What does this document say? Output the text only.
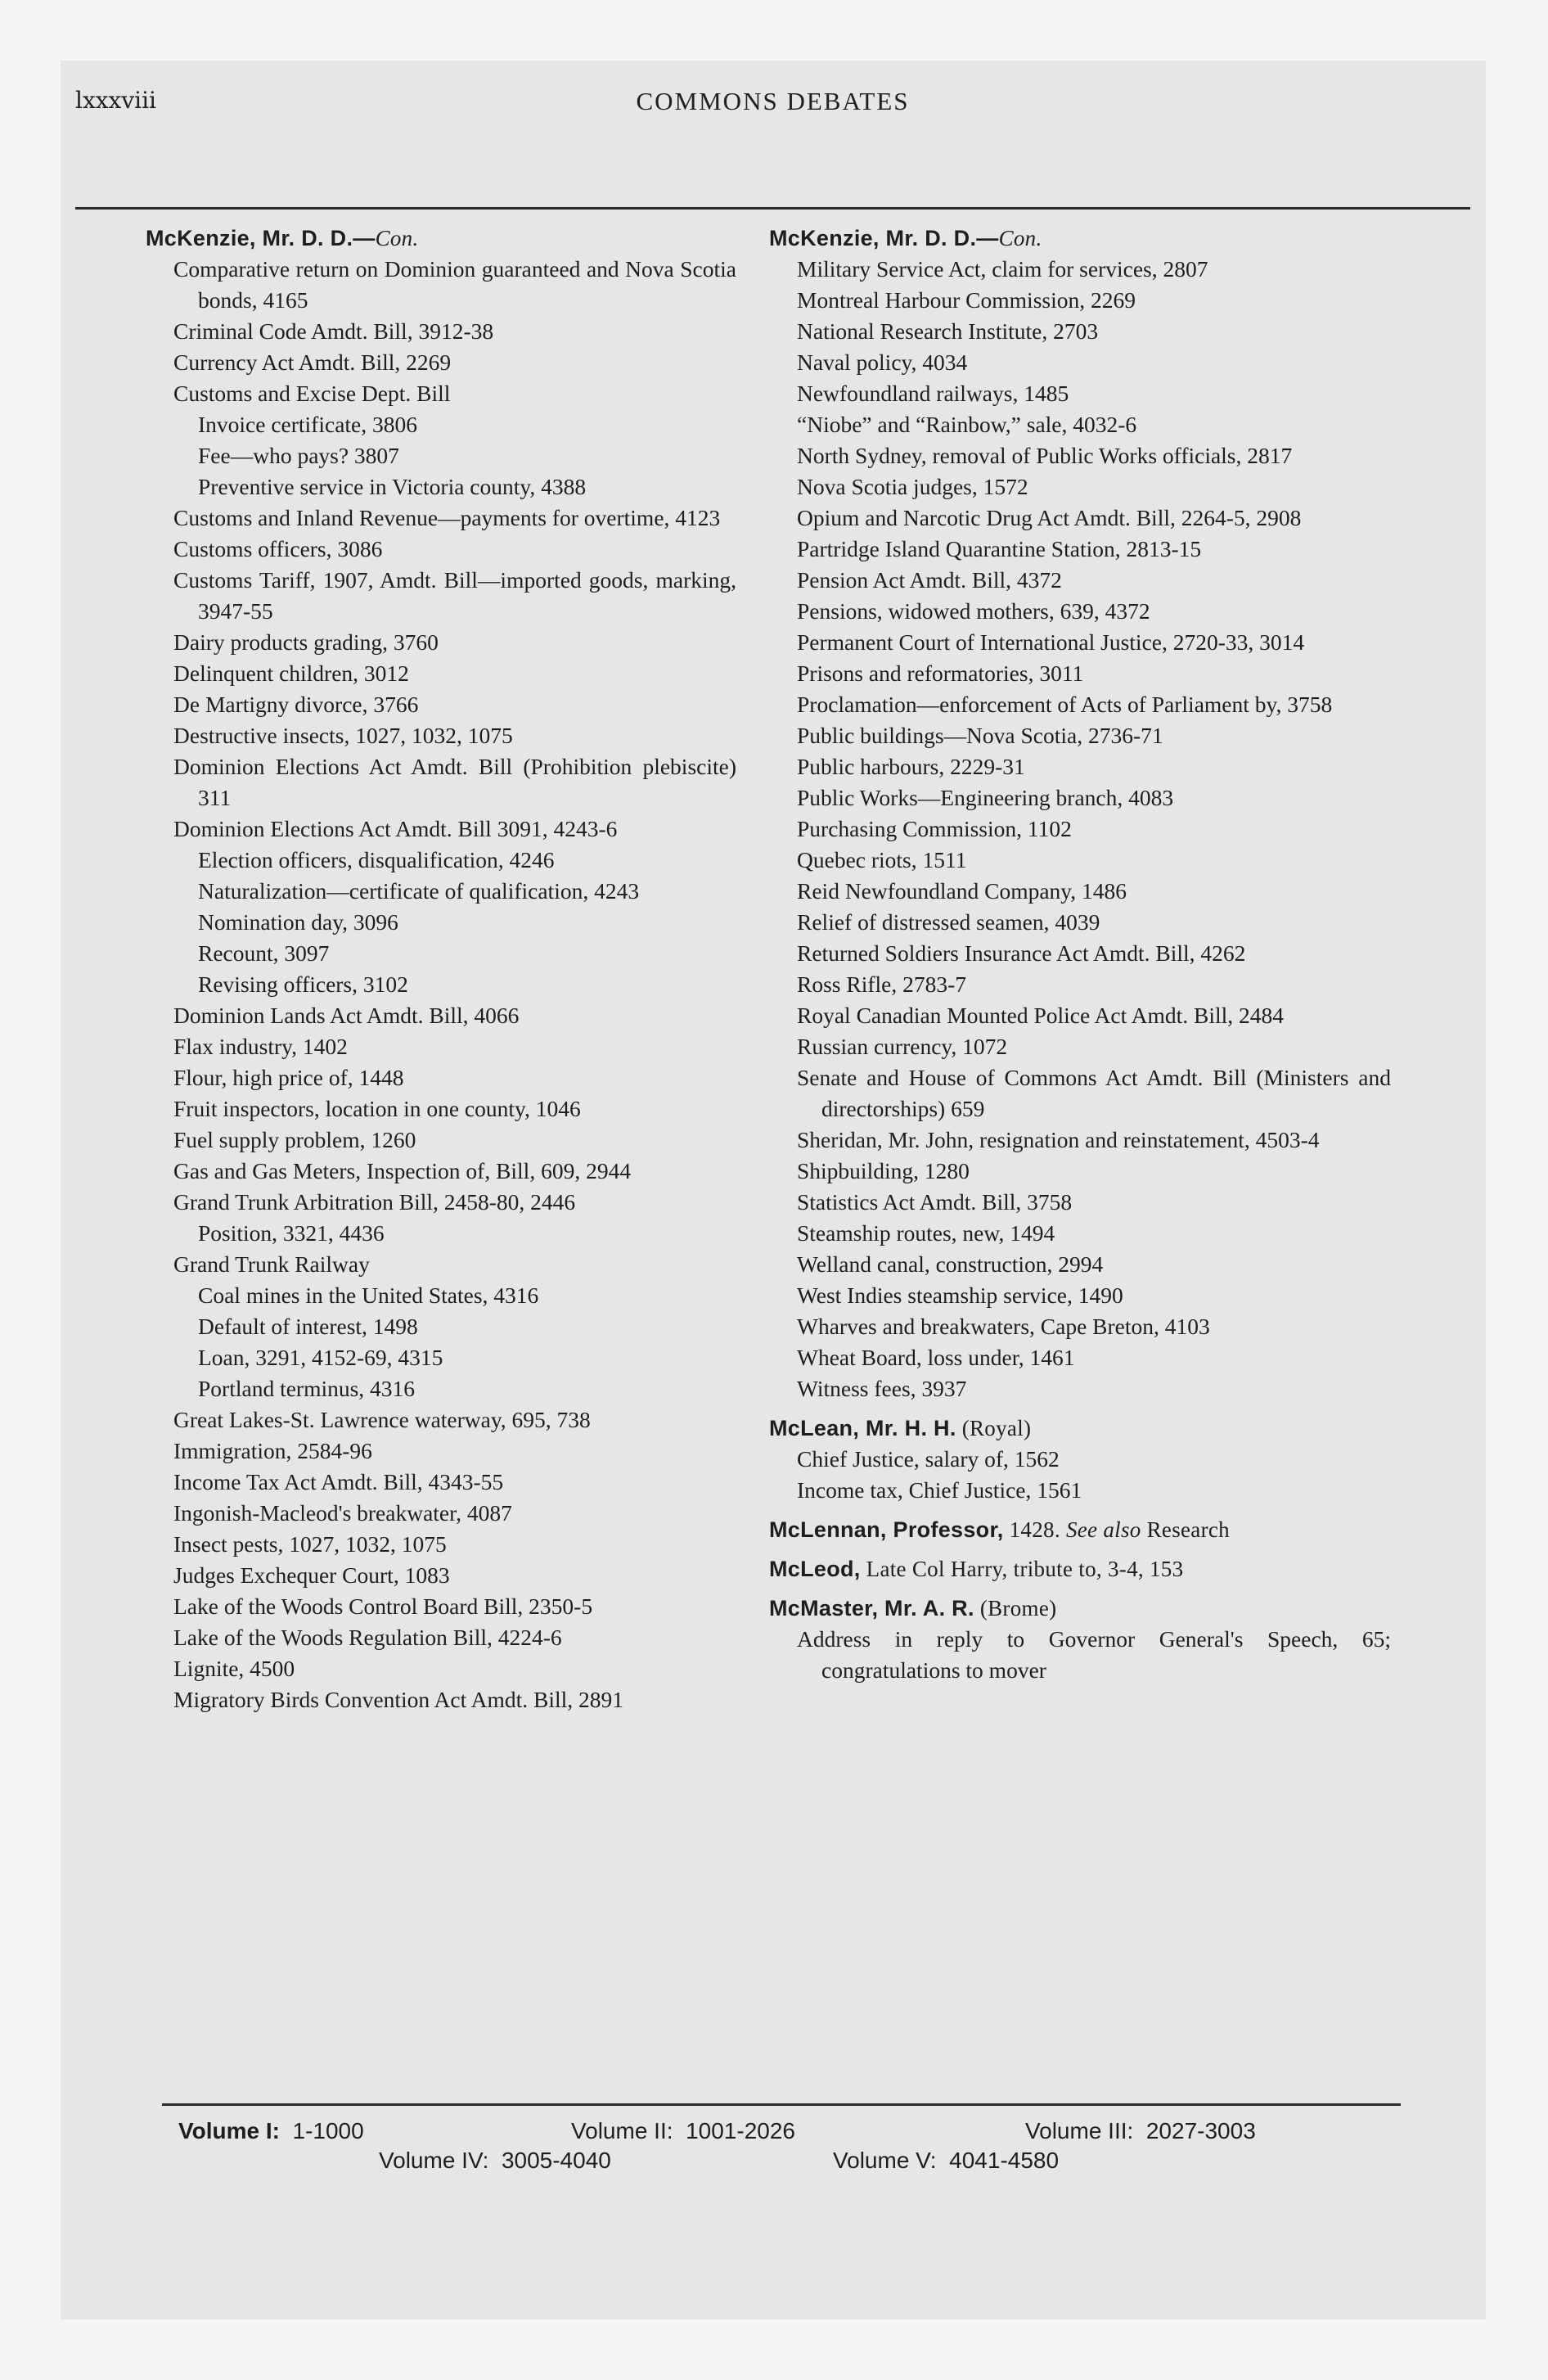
lxxxviii	COMMONS DEBATES
McKenzie, Mr. D. D.—Con.
Comparative return on Dominion guaranteed and Nova Scotia bonds, 4165
Criminal Code Amdt. Bill, 3912-38
Currency Act Amdt. Bill, 2269
Customs and Excise Dept. Bill
Invoice certificate, 3806
Fee—who pays? 3807
Preventive service in Victoria county, 4388
Customs and Inland Revenue—payments for overtime, 4123
Customs officers, 3086
Customs Tariff, 1907, Amdt. Bill—imported goods, marking, 3947-55
Dairy products grading, 3760
Delinquent children, 3012
De Martigny divorce, 3766
Destructive insects, 1027, 1032, 1075
Dominion Elections Act Amdt. Bill (Prohibition plebiscite) 311
Dominion Elections Act Amdt. Bill 3091, 4243-6
Election officers, disqualification, 4246
Naturalization—certificate of qualification, 4243
Nomination day, 3096
Recount, 3097
Revising officers, 3102
Dominion Lands Act Amdt. Bill, 4066
Flax industry, 1402
Flour, high price of, 1448
Fruit inspectors, location in one county, 1046
Fuel supply problem, 1260
Gas and Gas Meters, Inspection of, Bill, 609, 2944
Grand Trunk Arbitration Bill, 2458-80, 2446
Position, 3321, 4436
Grand Trunk Railway
Coal mines in the United States, 4316
Default of interest, 1498
Loan, 3291, 4152-69, 4315
Portland terminus, 4316
Great Lakes-St. Lawrence waterway, 695, 738
Immigration, 2584-96
Income Tax Act Amdt. Bill, 4343-55
Ingonish-Macleod's breakwater, 4087
Insect pests, 1027, 1032, 1075
Judges Exchequer Court, 1083
Lake of the Woods Control Board Bill, 2350-5
Lake of the Woods Regulation Bill, 4224-6
Lignite, 4500
Migratory Birds Convention Act Amdt. Bill, 2891
McKenzie, Mr. D. D.—Con.
Military Service Act, claim for services, 2807
Montreal Harbour Commission, 2269
National Research Institute, 2703
Naval policy, 4034
Newfoundland railways, 1485
“Niobe” and “Rainbow,” sale, 4032-6
North Sydney, removal of Public Works officials, 2817
Nova Scotia judges, 1572
Opium and Narcotic Drug Act Amdt. Bill, 2264-5, 2908
Partridge Island Quarantine Station, 2813-15
Pension Act Amdt. Bill, 4372
Pensions, widowed mothers, 639, 4372
Permanent Court of International Justice, 2720-33, 3014
Prisons and reformatories, 3011
Proclamation—enforcement of Acts of Parliament by, 3758
Public buildings—Nova Scotia, 2736-71
Public harbours, 2229-31
Public Works—Engineering branch, 4083
Purchasing Commission, 1102
Quebec riots, 1511
Reid Newfoundland Company, 1486
Relief of distressed seamen, 4039
Returned Soldiers Insurance Act Amdt. Bill, 4262
Ross Rifle, 2783-7
Royal Canadian Mounted Police Act Amdt. Bill, 2484
Russian currency, 1072
Senate and House of Commons Act Amdt. Bill (Ministers and directorships) 659
Sheridan, Mr. John, resignation and reinstatement, 4503-4
Shipbuilding, 1280
Statistics Act Amdt. Bill, 3758
Steamship routes, new, 1494
Welland canal, construction, 2994
West Indies steamship service, 1490
Wharves and breakwaters, Cape Breton, 4103
Wheat Board, loss under, 1461
Witness fees, 3937
McLean, Mr. H. H. (Royal)
Chief Justice, salary of, 1562
Income tax, Chief Justice, 1561
McLennan, Professor, 1428. See also Research
McLeod, Late Col Harry, tribute to, 3-4, 153
McMaster, Mr. A. R. (Brome)
Address in reply to Governor General's Speech, 65; congratulations to mover
Volume I: 1-1000	Volume II: 1001-2026	Volume III: 2027-3003
Volume IV: 3005-4040	Volume V: 4041-4580
